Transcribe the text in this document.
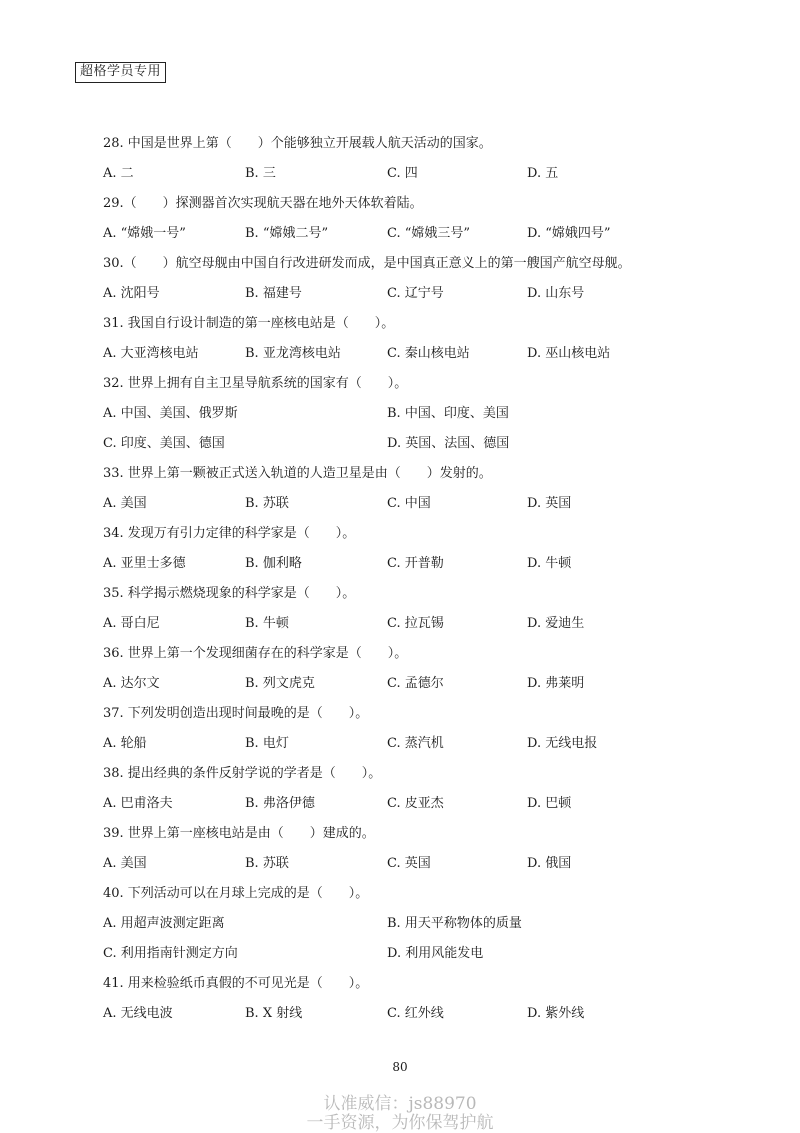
超格学员专用
28. 中国是世界上第（　　）个能够独立开展载人航天活动的国家。
A. 二	B. 三	C. 四	D. 五
29.（　　）探测器首次实现航天器在地外天体软着陆。
A. “嫦娥一号”	B. “嫦娥二号”	C. “嫦娥三号”	D. “嫦娥四号”
30.（　　）航空母舰由中国自行改进研发而成，是中国真正意义上的第一艘国产航空母舰。
A. 沈阳号	B. 福建号	C. 辽宁号	D. 山东号
31. 我国自行设计制造的第一座核电站是（　　）。
A. 大亚湾核电站	B. 亚龙湾核电站	C. 秦山核电站	D. 巫山核电站
32. 世界上拥有自主卫星导航系统的国家有（　　）。
A. 中国、美国、俄罗斯	B. 中国、印度、美国
C. 印度、美国、德国	D. 英国、法国、德国
33. 世界上第一颗被正式送入轨道的人造卫星是由（　　）发射的。
A. 美国	B. 苏联	C. 中国	D. 英国
34. 发现万有引力定律的科学家是（　　）。
A. 亚里士多德	B. 伽利略	C. 开普勒	D. 牛顿
35. 科学揭示燃烧现象的科学家是（　　）。
A. 哥白尼	B. 牛顿	C. 拉瓦锡	D. 爱迪生
36. 世界上第一个发现细菌存在的科学家是（　　）。
A. 达尔文	B. 列文虎克	C. 孟德尔	D. 弗莱明
37. 下列发明创造出现时间最晚的是（　　）。
A. 轮船	B. 电灯	C. 蒸汽机	D. 无线电报
38. 提出经典的条件反射学说的学者是（　　）。
A. 巴甫洛夫	B. 弗洛伊德	C. 皮亚杰	D. 巴顿
39. 世界上第一座核电站是由（　　）建成的。
A. 美国	B. 苏联	C. 英国	D. 俄国
40. 下列活动可以在月球上完成的是（　　）。
A. 用超声波测定距离	B. 用天平称物体的质量
C. 利用指南针测定方向	D. 利用风能发电
41. 用来检验纸币真假的不可见光是（　　）。
A. 无线电波	B. X 射线	C. 红外线	D. 紫外线
80
认准威信：js88970
一手资源，为你保驾护航
